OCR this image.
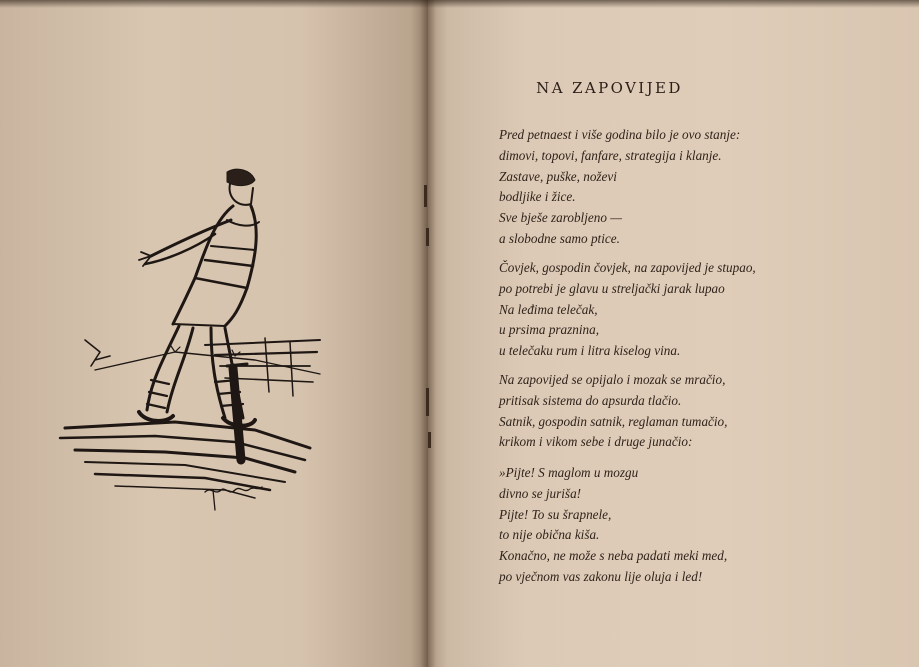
NA ZAPOVIJED
Pred petnaest i više godina bilo je ovo stanje:
dimovi, topovi, fanfare, strategija i klanje.
Zastave, puške, noževi
bodljike i žice.
Sve bješe zarobljeno —
a slobodne samo ptice.
Čovjek, gospodin čovjek, na zapovijed je stupao,
po potrebi je glavu u streljački jarak lupao
Na leđima telečak,
u prsima praznina,
u telečaku rum i litra kiselog vina.
Na zapovijed se opijalo i mozak se mračio,
pritisak sistema do apsurda tlačio.
Satnik, gospodin satnik, reglaman tumačio,
krikom i vikom sebe i druge junačio:
»Pijte! S maglom u mozgu
divno se juriša!
Pijte! To su šrapnele,
to nije obična kiša.
Konačno, ne može s neba padati meki med,
po vječnom vas zakonu lije oluja i led!
